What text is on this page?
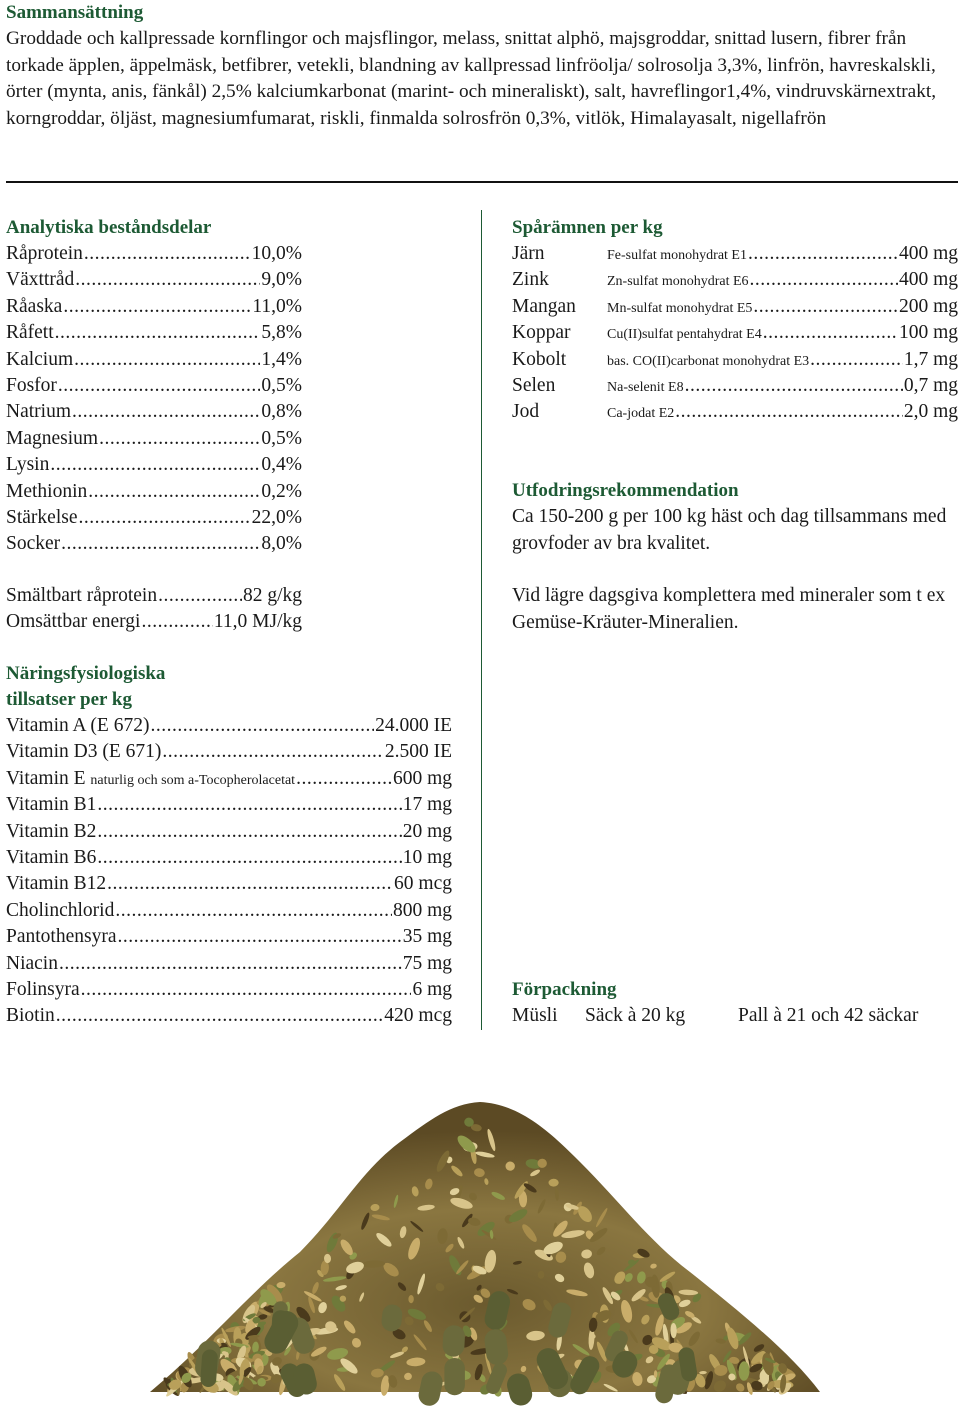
Sammansättning

Groddade och kallpressade kornflingor och majsflingor, melass, snittat alphö, majsgroddar, snittad lusern, fibrer från torkade äpplen, äppelmäsk, betfibrer, vetekli, blandning av kallpressad linfröolja/ solrosolja 3,3%, linfrön, havreskalskli, örter (mynta, anis, fänkål) 2,5% kalciumkarbonat (marint- och mineraliskt), salt, havreflingor1,4%, vindruvskärnextrakt, korngroddar, öljäst, magnesiumfumarat, riskli, finmalda solrosfrön 0,3%, vitlök, Himalayasalt, nigellafrön

Analytiska beståndsdelar
Råprotein .....	10,0%
Växttråd .....	9,0%
Råaska .....	11,0%
Råfett .....	5,8%
Kalcium .....	1,4%
Fosfor .....	0,5%
Natrium .....	0,8%
Magnesium .....	0,5%
Lysin .....	0,4%
Methionin .....	0,2%
Stärkelse .....	22,0%
Socker .....	8,0%
Smältbart råprotein .....	82 g/kg
Omsättbar energi .....	11,0 MJ/kg
Näringsfysiologiska
tillsatser per kg
Vitamin A (E 672) .....	24.000 IE
Vitamin D3 (E 671) .....	2.500 IE
Vitamin E naturlig och som a-Tocopherolacetat .....	600 mg
Vitamin B1 .....	17 mg
Vitamin B2 .....	20 mg
Vitamin B6 .....	10 mg
Vitamin B12 .....	60 mcg
Cholinchlorid .....	800 mg
Pantothensyra .....	35 mg
Niacin .....	75 mg
Folinsyra .....	6 mg
Biotin .....	420 mcg
Spårämnen per kg
Järn	Fe-sulfat monohydrat E1 .....	400 mg
Zink	Zn-sulfat monohydrat E6 .....	400 mg
Mangan	Mn-sulfat monohydrat E5 .....	200 mg
Koppar	Cu(II)sulfat pentahydrat E4 .....	100 mg
Kobolt	bas. CO(II)carbonat monohydrat E3 .....	1,7 mg
Selen	Na-selenit E8 .....	0,7 mg
Jod	Ca-jodat E2 .....	2,0 mg
Utfodringsrekommendation

Ca 150-200 g per 100 kg häst och dag tillsammans med grovfoder av bra kvalitet.

Vid lägre dagsgiva komplettera med mineraler som t ex Gemüse-Kräuter-Mineralien.

Förpackning
Müsli	Säck à 20 kg	Pall à 21 och 42 säckar
